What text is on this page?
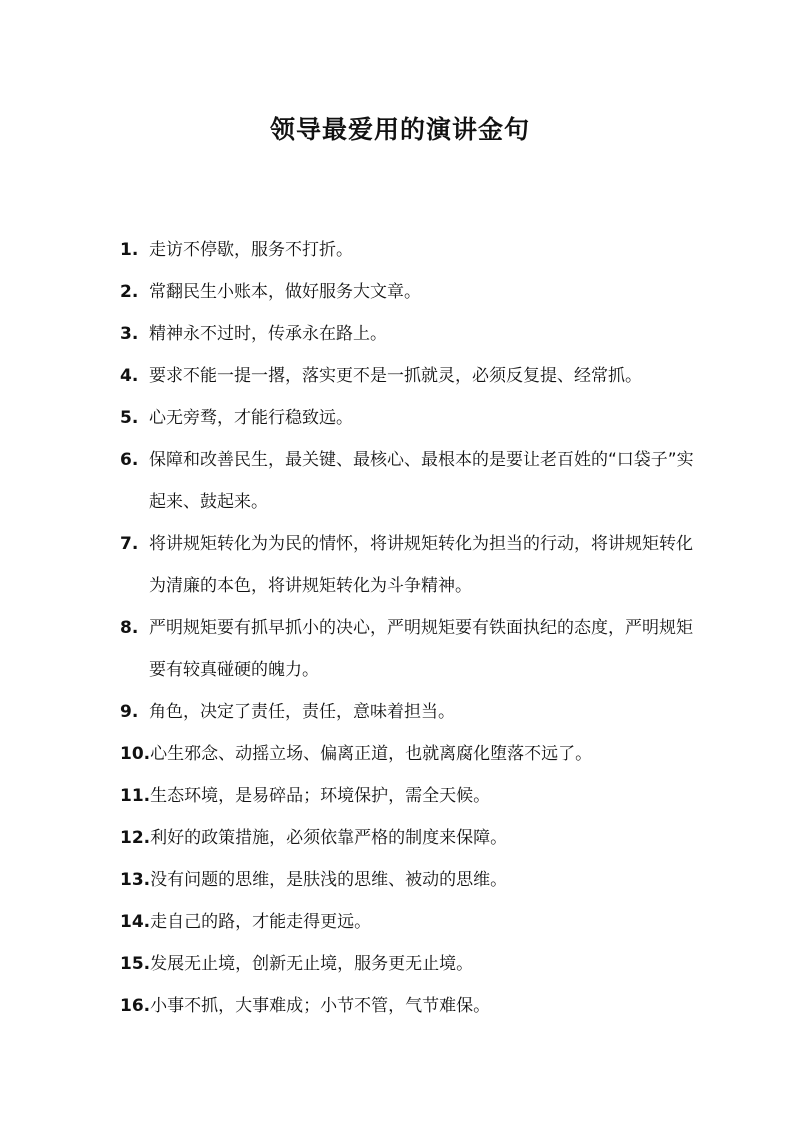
领导最爱用的演讲金句
1. 走访不停歇，服务不打折。
2. 常翻民生小账本，做好服务大文章。
3. 精神永不过时，传承永在路上。
4. 要求不能一提一撂，落实更不是一抓就灵，必须反复提、经常抓。
5. 心无旁骛，才能行稳致远。
6. 保障和改善民生，最关键、最核心、最根本的是要让老百姓的“口袋子”实起来、鼓起来。
7. 将讲规矩转化为为民的情怀，将讲规矩转化为担当的行动，将讲规矩转化为清廉的本色，将讲规矩转化为斗争精神。
8. 严明规矩要有抓早抓小的决心，严明规矩要有铁面执纪的态度，严明规矩要有较真碰硬的魄力。
9. 角色，决定了责任，责任，意味着担当。
10. 心生邪念、动摇立场、偏离正道，也就离腐化堕落不远了。
11. 生态环境，是易碎品；环境保护，需全天候。
12. 利好的政策措施，必须依靠严格的制度来保障。
13. 没有问题的思维，是肤浅的思维、被动的思维。
14. 走自己的路，才能走得更远。
15. 发展无止境，创新无止境，服务更无止境。
16. 小事不抓，大事难成；小节不管，气节难保。
